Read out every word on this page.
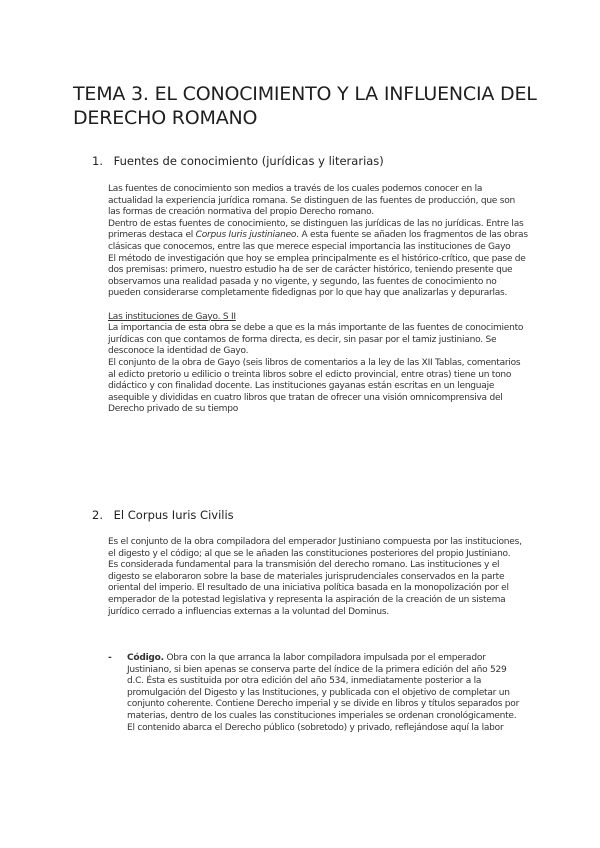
TEMA 3. EL CONOCIMIENTO Y LA INFLUENCIA DEL DERECHO ROMANO
1. Fuentes de conocimiento (jurídicas y literarias)

Las fuentes de conocimiento son medios a través de los cuales podemos conocer en la actualidad la experiencia jurídica romana. Se distinguen de las fuentes de producción, que son las formas de creación normativa del propio Derecho romano.

Dentro de estas fuentes de conocimiento, se distinguen las jurídicas de las no jurídicas. Entre las primeras destaca el Corpus Iuris justinianeo. A esta fuente se añaden los fragmentos de las obras clásicas que conocemos, entre las que merece especial importancia las instituciones de Gayo

El método de investigación que hoy se emplea principalmente es el histórico-crítico, que pase de dos premisas: primero, nuestro estudio ha de ser de carácter histórico, teniendo presente que observamos una realidad pasada y no vigente, y segundo, las fuentes de conocimiento no pueden considerarse completamente fidedignas por lo que hay que analizarlas y depurarlas.

Las instituciones de Gayo. S II

La importancia de esta obra se debe a que es la más importante de las fuentes de conocimiento jurídicas con que contamos de forma directa, es decir, sin pasar por el tamiz justiniano. Se desconoce la identidad de Gayo.

El conjunto de la obra de Gayo (seis libros de comentarios a la ley de las XII Tablas, comentarios al edicto pretorio u edilicio o treinta libros sobre el edicto provincial, entre otras) tiene un tono didáctico y con finalidad docente. Las instituciones gayanas están escritas en un lenguaje asequible y divididas en cuatro libros que tratan de ofrecer una visión omnicomprensiva del Derecho privado de su tiempo

2. El Corpus Iuris Civilis

Es el conjunto de la obra compiladora del emperador Justiniano compuesta por las instituciones, el digesto y el código; al que se le añaden las constituciones posteriores del propio Justiniano.

Es considerada fundamental para la transmisión del derecho romano. Las instituciones y el digesto se elaboraron sobre la base de materiales jurisprudenciales conservados en la parte oriental del imperio. El resultado de una iniciativa política basada en la monopolización por el emperador de la potestad legislativa y representa la aspiración de la creación de un sistema jurídico cerrado a influencias externas a la voluntad del Dominus.

- Código. Obra con la que arranca la labor compiladora impulsada por el emperador Justiniano, si bien apenas se conserva parte del índice de la primera edición del año 529 d.C. Ésta es sustituida por otra edición del año 534, inmediatamente posterior a la promulgación del Digesto y las Instituciones, y publicada con el objetivo de completar un conjunto coherente. Contiene Derecho imperial y se divide en libros y títulos separados por materias, dentro de los cuales las constituciones imperiales se ordenan cronológicamente. El contenido abarca el Derecho público (sobretodo) y privado, reflejándose aquí la labor
